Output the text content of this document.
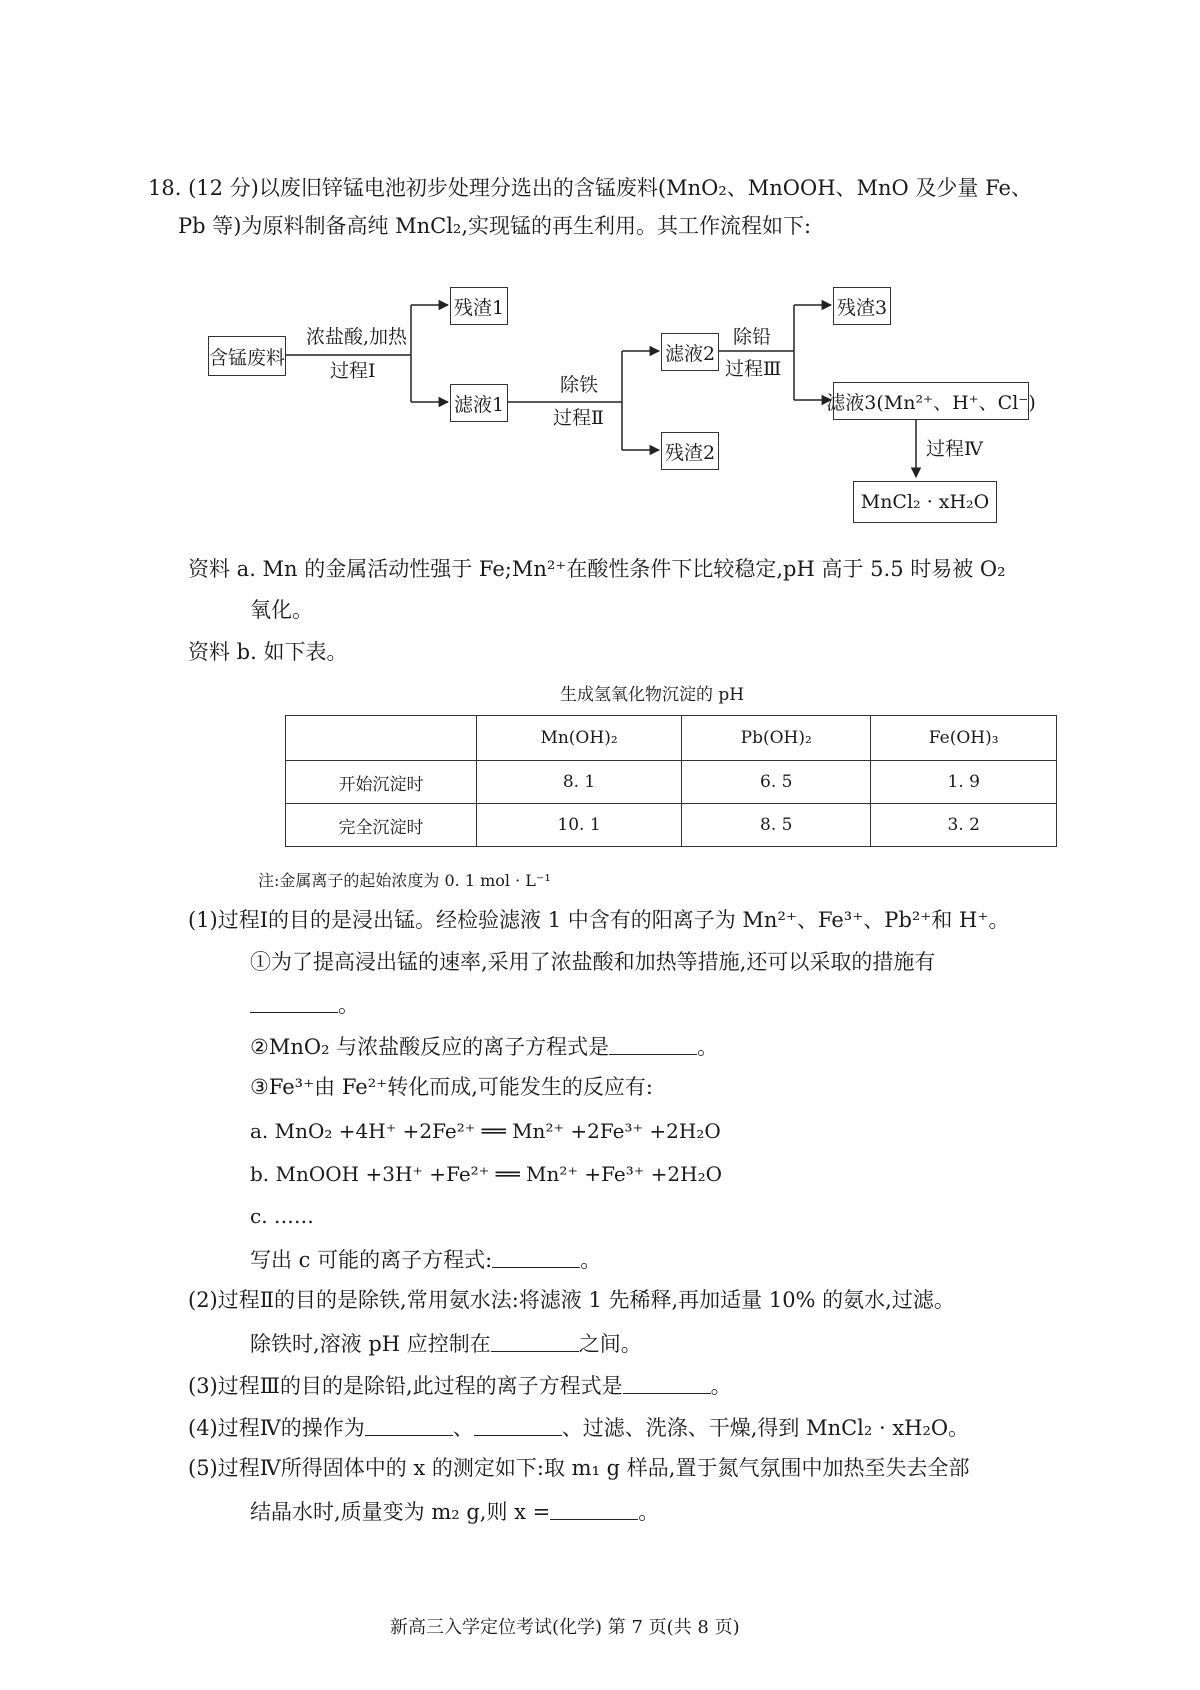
18. (12 分)以废旧锌锰电池初步处理分选出的含锰废料(MnO₂、MnOOH、MnO 及少量 Fe、
Pb 等)为原料制备高纯 MnCl₂,实现锰的再生利用。其工作流程如下:
含锰废料
浓盐酸,加热
过程Ⅰ
残渣1
滤液1
除铁
过程Ⅱ
滤液2
残渣2
除铅
过程Ⅲ
残渣3
滤液3(Mn²⁺、H⁺、Cl⁻)
过程Ⅳ
MnCl₂ · xH₂O
资料 a. Mn 的金属活动性强于 Fe;Mn²⁺在酸性条件下比较稳定,pH 高于 5.5 时易被 O₂
氧化。
资料 b. 如下表。
生成氢氧化物沉淀的 pH
	Mn(OH)₂	Pb(OH)₂	Fe(OH)₃
开始沉淀时	8. 1	6. 5	1. 9
完全沉淀时	10. 1	8. 5	3. 2
注:金属离子的起始浓度为 0. 1 mol · L⁻¹
(1)过程Ⅰ的目的是浸出锰。经检验滤液 1 中含有的阳离子为 Mn²⁺、Fe³⁺、Pb²⁺和 H⁺。
①为了提高浸出锰的速率,采用了浓盐酸和加热等措施,还可以采取的措施有
。
②MnO₂ 与浓盐酸反应的离子方程式是	。
③Fe³⁺由 Fe²⁺转化而成,可能发生的反应有:
a. MnO₂ +4H⁺ +2Fe²⁺ ══ Mn²⁺ +2Fe³⁺ +2H₂O
b. MnOOH +3H⁺ +Fe²⁺ ══ Mn²⁺ +Fe³⁺ +2H₂O
c. ……
写出 c 可能的离子方程式:	。
(2)过程Ⅱ的目的是除铁,常用氨水法:将滤液 1 先稀释,再加适量 10% 的氨水,过滤。
除铁时,溶液 pH 应控制在	之间。
(3)过程Ⅲ的目的是除铅,此过程的离子方程式是	。
(4)过程Ⅳ的操作为	、	、过滤、洗涤、干燥,得到 MnCl₂ · xH₂O。
(5)过程Ⅳ所得固体中的 x 的测定如下:取 m₁ g 样品,置于氮气氛围中加热至失去全部
结晶水时,质量变为 m₂ g,则 x =	。
新高三入学定位考试(化学) 第 7 页(共 8 页)
